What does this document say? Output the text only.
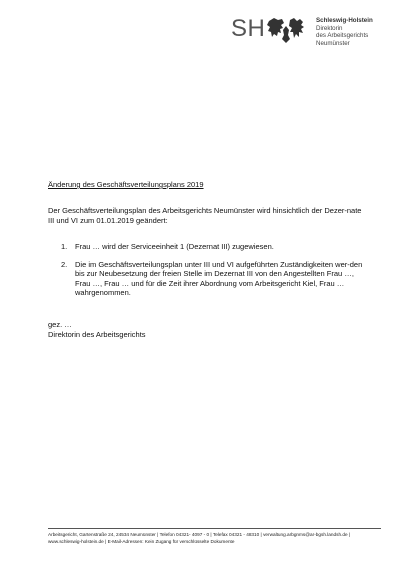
SH	Schleswig-Holstein
Direktorin
des Arbeitsgerichts
Neumünster

Änderung des Geschäftsverteilungsplans 2019

Der Geschäftsverteilungsplan des Arbeitsgerichts Neumünster wird hinsichtlich der Dezer-nate III und VI zum 01.01.2019 geändert:

1. Frau … wird der Serviceeinheit 1 (Dezernat III) zugewiesen.
2. Die im Geschäftsverteilungsplan unter III und VI aufgeführten Zuständigkeiten wer-den bis zur Neubesetzung der freien Stelle im Dezernat III von den Angestellten Frau …, Frau …, Frau … und für die Zeit ihrer Abordnung vom Arbeitsgericht Kiel, Frau … wahrgenommen.
gez. …
Direktorin des Arbeitsgerichts
Arbeitsgericht, Gartenstraße 24, 24534 Neumünster | Telefon 04321- 4097 - 0 | Telefax 04321 - 48310 | verwaltung.arbgnms@ar-bgsh.landsh.de |
www.schleswig-holstein.de | E-Mail-Adressen: Kein Zugang für verschlüsselte Dokumente
